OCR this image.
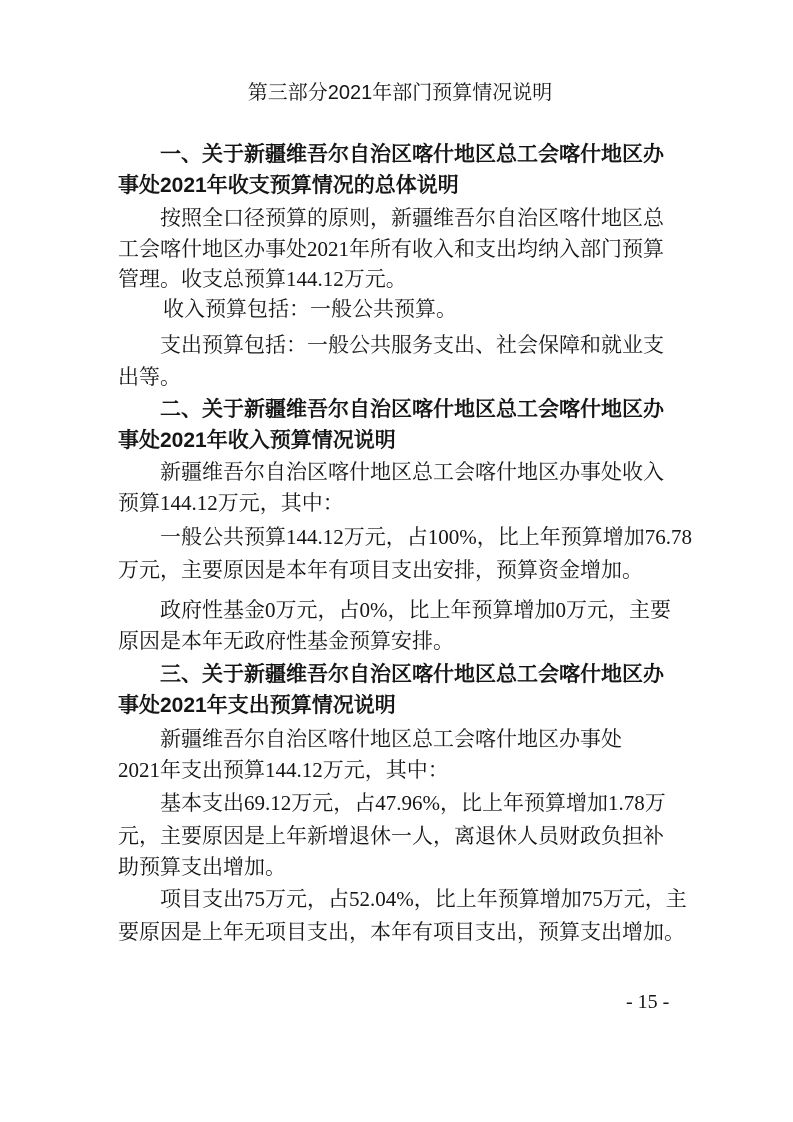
第三部分2021年部门预算情况说明
一、关于新疆维吾尔自治区喀什地区总工会喀什地区办
事处2021年收支预算情况的总体说明
按照全口径预算的原则，新疆维吾尔自治区喀什地区总
工会喀什地区办事处2021年所有收入和支出均纳入部门预算
管理。收支总预算144.12万元。
收入预算包括：一般公共预算。
支出预算包括：一般公共服务支出、社会保障和就业支
出等。
二、关于新疆维吾尔自治区喀什地区总工会喀什地区办
事处2021年收入预算情况说明
新疆维吾尔自治区喀什地区总工会喀什地区办事处收入
预算144.12万元，其中：
一般公共预算144.12万元，占100%，比上年预算增加76.78
万元，主要原因是本年有项目支出安排，预算资金增加。
政府性基金0万元，占0%，比上年预算增加0万元，主要
原因是本年无政府性基金预算安排。
三、关于新疆维吾尔自治区喀什地区总工会喀什地区办
事处2021年支出预算情况说明
新疆维吾尔自治区喀什地区总工会喀什地区办事处
2021年支出预算144.12万元，其中：
基本支出69.12万元，占47.96%，比上年预算增加1.78万
元，主要原因是上年新增退休一人，离退休人员财政负担补
助预算支出增加。
项目支出75万元，占52.04%，比上年预算增加75万元，主
要原因是上年无项目支出，本年有项目支出，预算支出增加。
- 15 -
